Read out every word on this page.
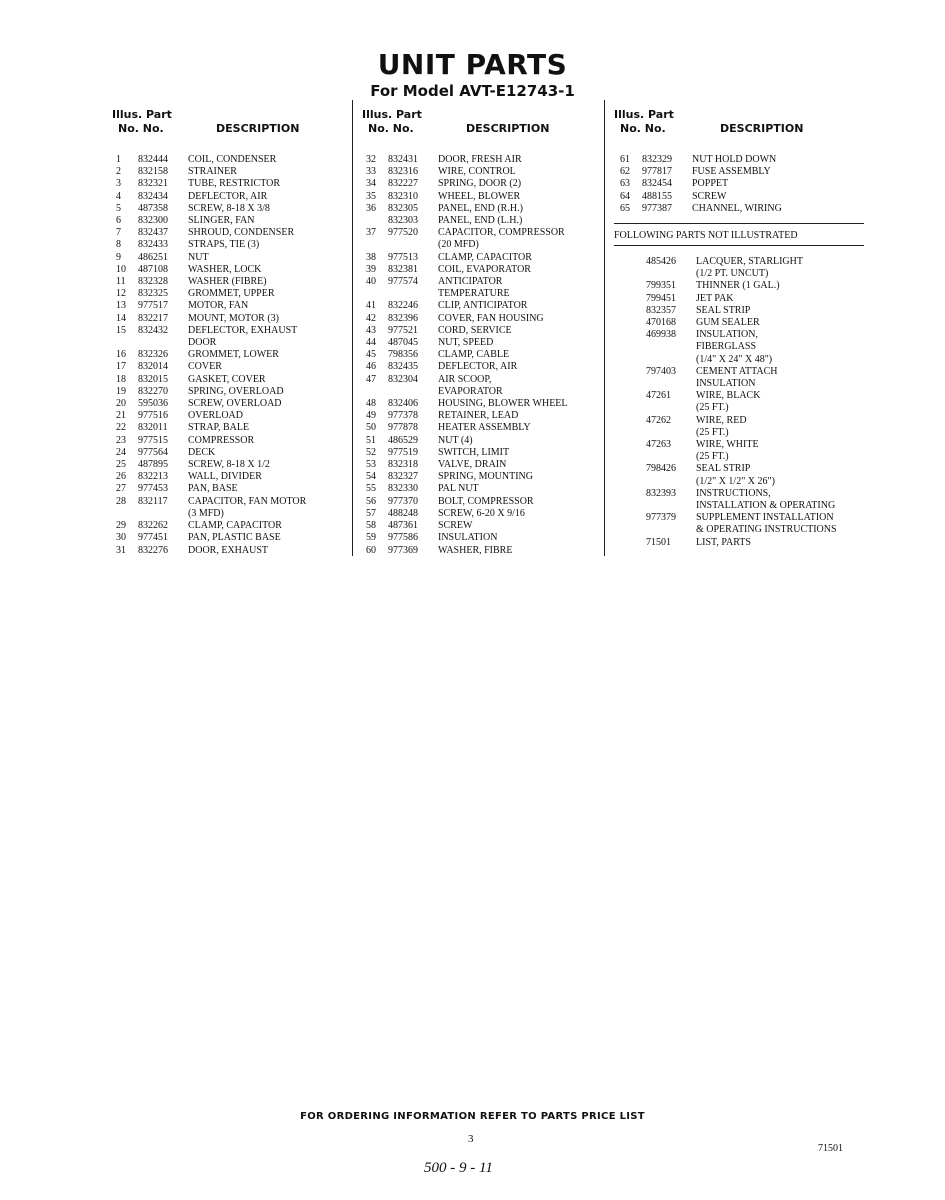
UNIT PARTS
For Model AVT-E12743-1
Illus. Part
No. No.	DESCRIPTION
1	832444	COIL, CONDENSER
2	832158	STRAINER
3	832321	TUBE, RESTRICTOR
4	832434	DEFLECTOR, AIR
5	487358	SCREW, 8-18 X 3/8
6	832300	SLINGER, FAN
7	832437	SHROUD, CONDENSER
8	832433	STRAPS, TIE (3)
9	486251	NUT
10	487108	WASHER, LOCK
11	832328	WASHER (FIBRE)
12	832325	GROMMET, UPPER
13	977517	MOTOR, FAN
14	832217	MOUNT, MOTOR (3)
15	832432	DEFLECTOR, EXHAUST
DOOR
16	832326	GROMMET, LOWER
17	832014	COVER
18	832015	GASKET, COVER
19	832270	SPRING, OVERLOAD
20	595036	SCREW, OVERLOAD
21	977516	OVERLOAD
22	832011	STRAP, BALE
23	977515	COMPRESSOR
24	977564	DECK
25	487895	SCREW, 8-18 X 1/2
26	832213	WALL, DIVIDER
27	977453	PAN, BASE
28	832117	CAPACITOR, FAN MOTOR
(3 MFD)
29	832262	CLAMP, CAPACITOR
30	977451	PAN, PLASTIC BASE
31	832276	DOOR, EXHAUST
Illus. Part
No. No.	DESCRIPTION
32	832431	DOOR, FRESH AIR
33	832316	WIRE, CONTROL
34	832227	SPRING, DOOR (2)
35	832310	WHEEL, BLOWER
36	832305	PANEL, END (R.H.)
832303	PANEL, END (L.H.)
37	977520	CAPACITOR, COMPRESSOR
(20 MFD)
38	977513	CLAMP, CAPACITOR
39	832381	COIL, EVAPORATOR
40	977574	ANTICIPATOR
TEMPERATURE
41	832246	CLIP, ANTICIPATOR
42	832396	COVER, FAN HOUSING
43	977521	CORD, SERVICE
44	487045	NUT, SPEED
45	798356	CLAMP, CABLE
46	832435	DEFLECTOR, AIR
47	832304	AIR SCOOP,
EVAPORATOR
48	832406	HOUSING, BLOWER WHEEL
49	977378	RETAINER, LEAD
50	977878	HEATER ASSEMBLY
51	486529	NUT (4)
52	977519	SWITCH, LIMIT
53	832318	VALVE, DRAIN
54	832327	SPRING, MOUNTING
55	832330	PAL NUT
56	977370	BOLT, COMPRESSOR
57	488248	SCREW, 6-20 X 9/16
58	487361	SCREW
59	977586	INSULATION
60	977369	WASHER, FIBRE
Illus. Part
No. No.	DESCRIPTION
61	832329	NUT HOLD DOWN
62	977817	FUSE ASSEMBLY
63	832454	POPPET
64	488155	SCREW
65	977387	CHANNEL, WIRING
FOLLOWING PARTS NOT ILLUSTRATED
485426	LACQUER, STARLIGHT
(1/2 PT. UNCUT)
799351	THINNER (1 GAL.)
799451	JET PAK
832357	SEAL STRIP
470168	GUM SEALER
469938	INSULATION,
FIBERGLASS
(1/4" X 24" X 48")
797403	CEMENT ATTACH
INSULATION
47261	WIRE, BLACK
(25 FT.)
47262	WIRE, RED
(25 FT.)
47263	WIRE, WHITE
(25 FT.)
798426	SEAL STRIP
(1/2" X 1/2" X 26")
832393	INSTRUCTIONS,
INSTALLATION & OPERATING
977379	SUPPLEMENT INSTALLATION
& OPERATING INSTRUCTIONS
71501	LIST, PARTS
FOR ORDERING INFORMATION REFER TO PARTS PRICE LIST
3
71501
500 - 9 - 11
